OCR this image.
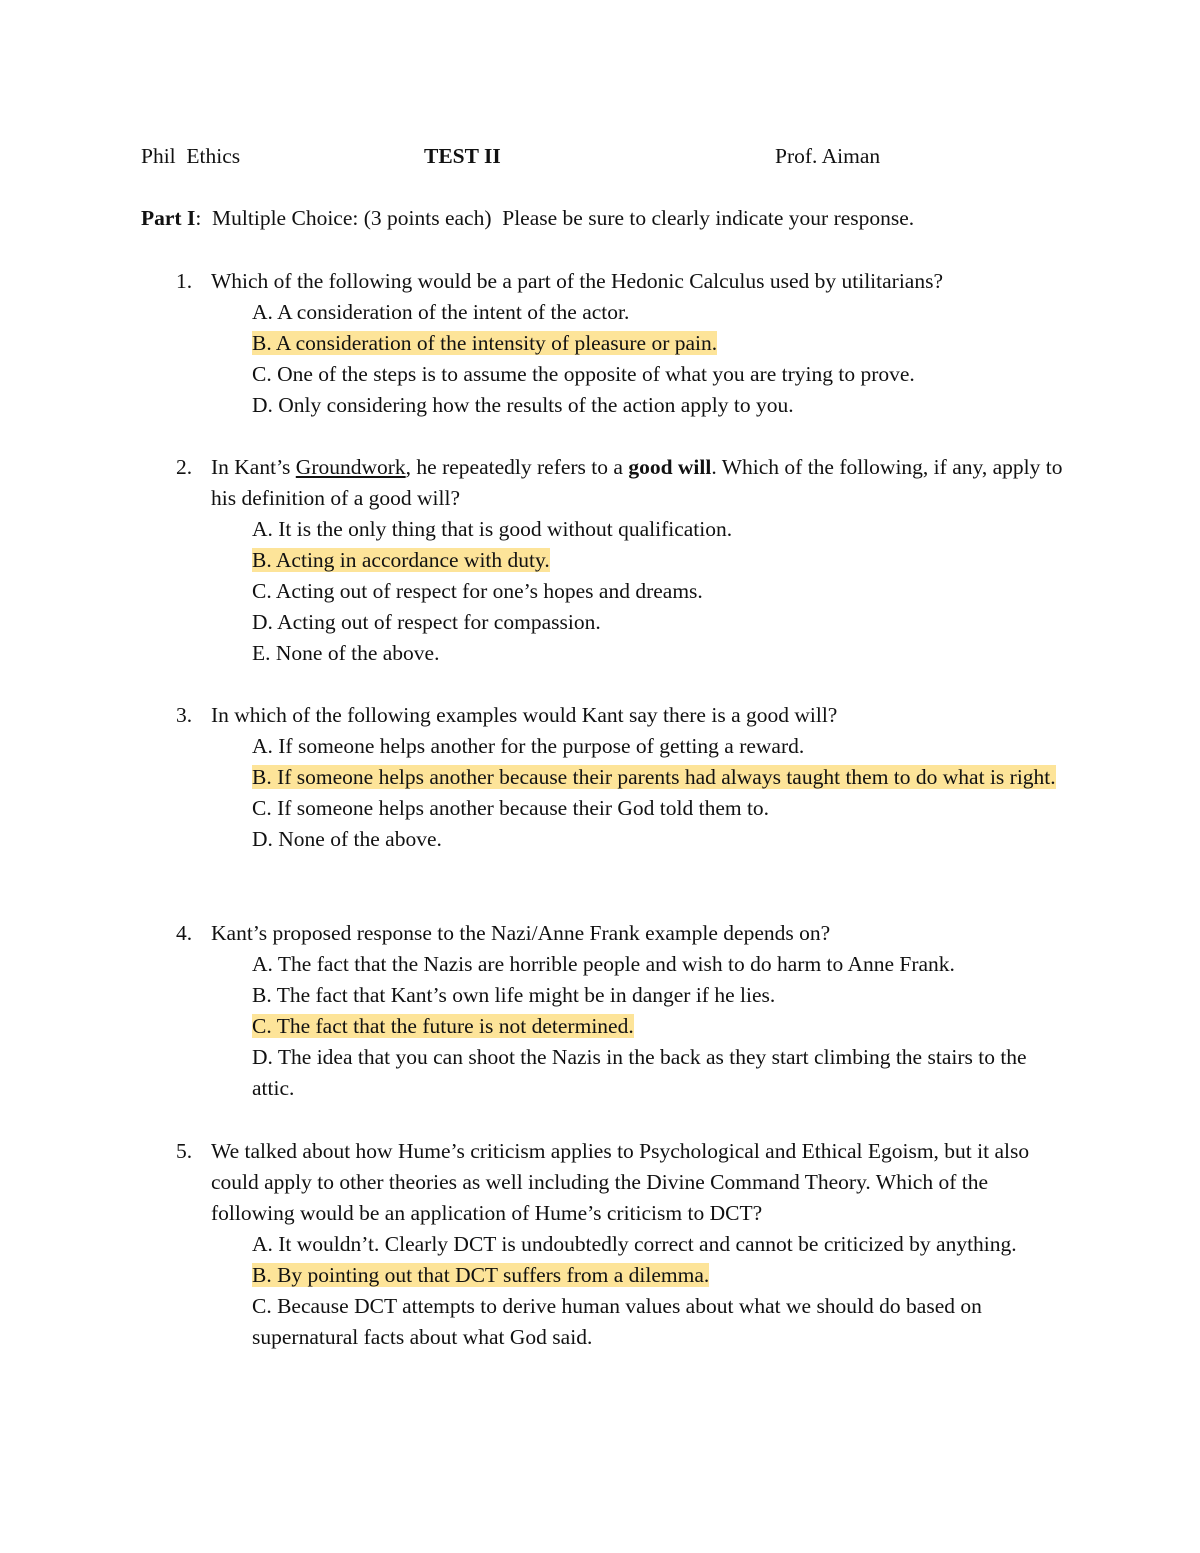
Phil  Ethics	TEST II	Prof. Aiman
Part I:  Multiple Choice: (3 points each)  Please be sure to clearly indicate your response.
1. Which of the following would be a part of the Hedonic Calculus used by utilitarians?
A. A consideration of the intent of the actor.
B. A consideration of the intensity of pleasure or pain.
C. One of the steps is to assume the opposite of what you are trying to prove.
D. Only considering how the results of the action apply to you.
2. In Kant’s Groundwork, he repeatedly refers to a good will. Which of the following, if any, apply to his definition of a good will?
A. It is the only thing that is good without qualification.
B. Acting in accordance with duty.
C. Acting out of respect for one’s hopes and dreams.
D. Acting out of respect for compassion.
E. None of the above.
3. In which of the following examples would Kant say there is a good will?
A. If someone helps another for the purpose of getting a reward.
B. If someone helps another because their parents had always taught them to do what is right.
C. If someone helps another because their God told them to.
D. None of the above.
4. Kant’s proposed response to the Nazi/Anne Frank example depends on?
A. The fact that the Nazis are horrible people and wish to do harm to Anne Frank.
B. The fact that Kant’s own life might be in danger if he lies.
C. The fact that the future is not determined.
D. The idea that you can shoot the Nazis in the back as they start climbing the stairs to the attic.
5. We talked about how Hume’s criticism applies to Psychological and Ethical Egoism, but it also could apply to other theories as well including the Divine Command Theory. Which of the following would be an application of Hume’s criticism to DCT?
A. It wouldn’t. Clearly DCT is undoubtedly correct and cannot be criticized by anything.
B. By pointing out that DCT suffers from a dilemma.
C. Because DCT attempts to derive human values about what we should do based on supernatural facts about what God said.
